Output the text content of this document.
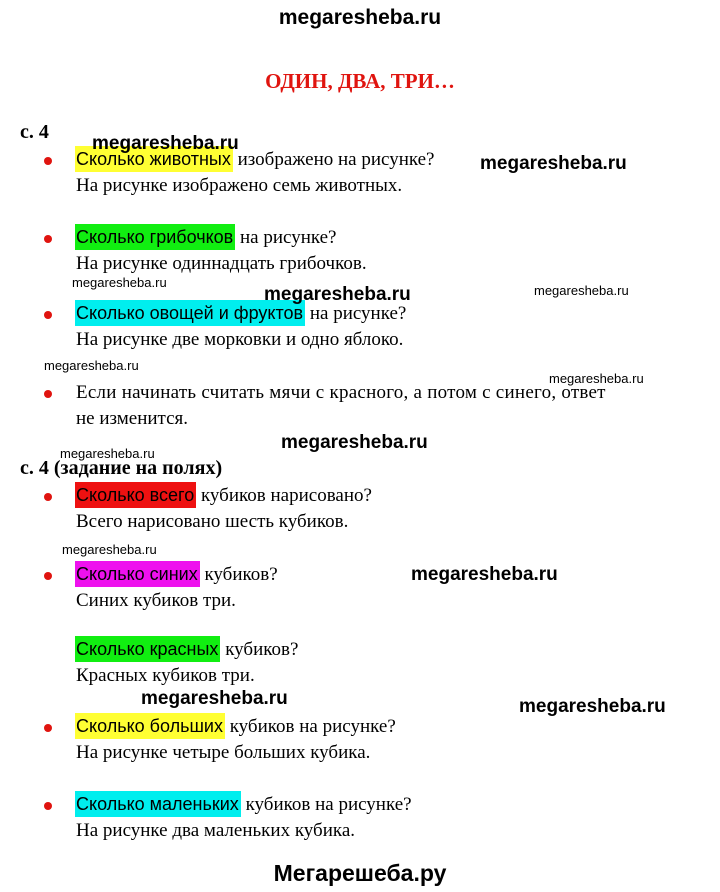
megaresheba.ru
ОДИН, ДВА, ТРИ…
с. 4
Сколько животных изображено на рисунке?
На рисунке изображено семь животных.
Сколько грибочков на рисунке?
На рисунке одиннадцать грибочков.
Сколько овощей и фруктов на рисунке?
На рисунке две морковки и одно яблоко.
Если начинать считать мячи с красного, а потом с синего, ответ
не изменится.
с. 4 (задание на полях)
Сколько всего кубиков нарисовано?
Всего нарисовано шесть кубиков.
Сколько синих кубиков?
Синих кубиков три.
Сколько красных кубиков?
Красных кубиков три.
Сколько больших кубиков на рисунке?
На рисунке четыре больших кубика.
Сколько маленьких кубиков на рисунке?
На рисунке два маленьких кубика.
megaresheba.ru
megaresheba.ru
megaresheba.ru
megaresheba.ru	megaresheba.ru
megaresheba.ru
megaresheba.ru
megaresheba.ru
megaresheba.ru
megaresheba.ru
megaresheba.ru
megaresheba.ru	megaresheba.ru
Мегарешеба.ру
